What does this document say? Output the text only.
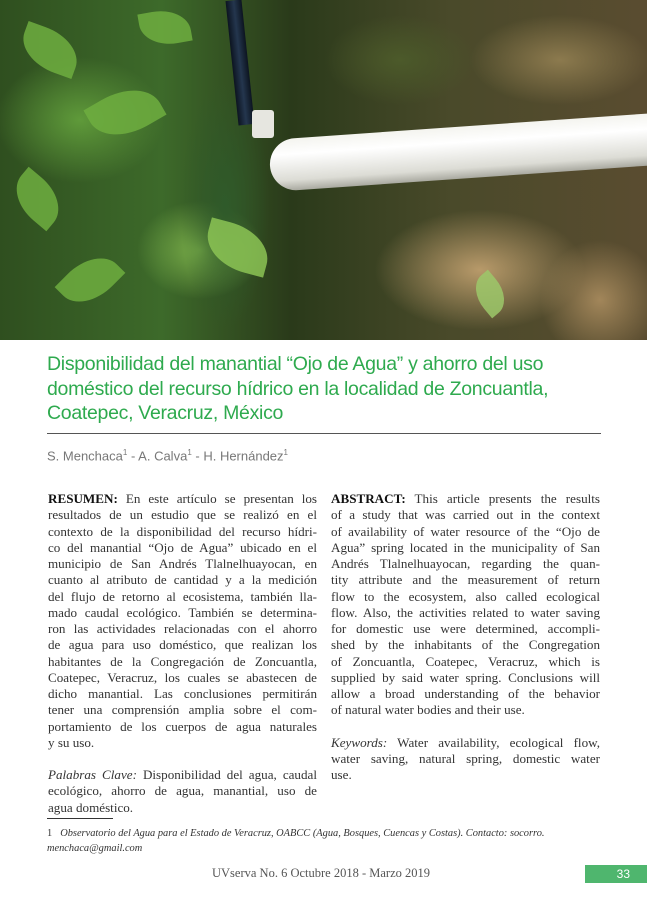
Disponibilidad del manantial “Ojo de Agua” y ahorro del uso
doméstico del recurso hídrico en la localidad de Zoncuantla,
Coatepec, Veracruz, México
S. Menchaca$^1$ - A. Calva$^1$ - H. Hernández$^1$
RESUMEN: En este artículo se presentan los
resultados de un estudio que se realizó en el
contexto de la disponibilidad del recurso hídri-
co del manantial “Ojo de Agua” ubicado en el
municipio de San Andrés Tlalnelhuayocan, en
cuanto al atributo de cantidad y a la medición
del flujo de retorno al ecosistema, también lla-
mado caudal ecológico. También se determina-
ron las actividades relacionadas con el ahorro
de agua para uso doméstico, que realizan los
habitantes de la Congregación de Zoncuantla,
Coatepec, Veracruz, los cuales se abastecen de
dicho manantial. Las conclusiones permitirán
tener una comprensión amplia sobre el com-
portamiento de los cuerpos de agua naturales
y su uso.
Palabras Clave: Disponibilidad del agua, caudal
ecológico, ahorro de agua, manantial, uso de
agua doméstico.
ABSTRACT: This article presents the results
of a study that was carried out in the context
of availability of water resource of the “Ojo de
Agua” spring located in the municipality of San
Andrés Tlalnelhuayocan, regarding the quan-
tity attribute and the measurement of return
flow to the ecosystem, also called ecological
flow. Also, the activities related to water saving
for domestic use were determined, accompli-
shed by the inhabitants of the Congregation
of Zoncuantla, Coatepec, Veracruz, which is
supplied by said water spring. Conclusions will
allow a broad understanding of the behavior
of natural water bodies and their use.
Keywords: Water availability, ecological flow,
water saving, natural spring, domestic water
use.
1 Observatorio del Agua para el Estado de Veracruz, OABCC (Agua, Bosques, Cuencas y Costas). Contacto: socorro. menchaca@gmail.com
UVserva No. 6 Octubre 2018 - Marzo 2019	33
